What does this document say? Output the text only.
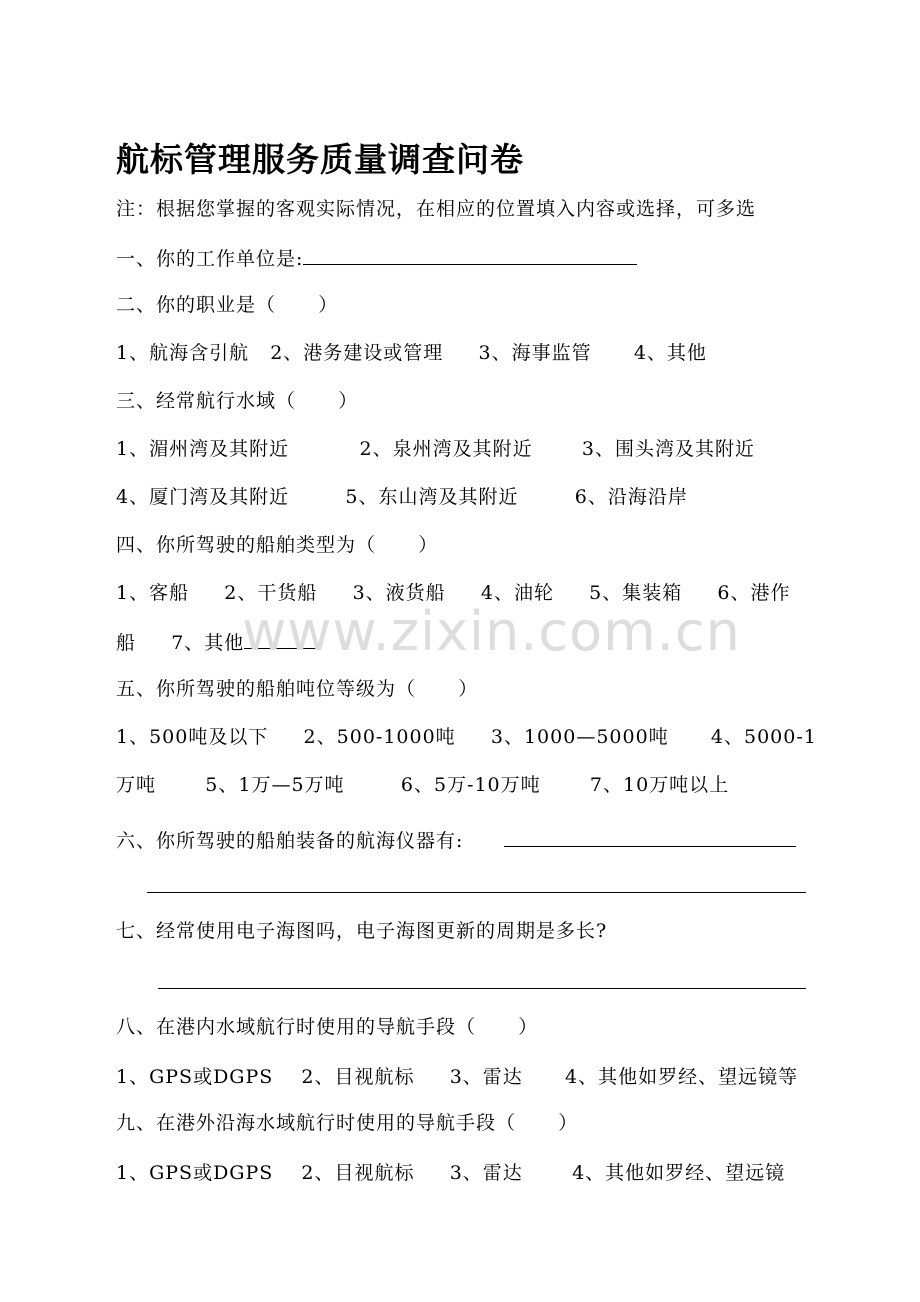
航标管理服务质量调查问卷
注：根据您掌握的客观实际情况，在相应的位置填入内容或选择，可多选
一、你的工作单位是:
二、你的职业是（      ）
1、航海含引航   2、港务建设或管理     3、海事监管      4、其他
三、经常航行水域（      ）
1、湄州湾及其附近          2、泉州湾及其附近       3、围头湾及其附近
4、厦门湾及其附近        5、东山湾及其附近        6、沿海沿岸
四、你所驾驶的船舶类型为（      ）
1、客船     2、干货船     3、液货船     4、油轮     5、集装箱     6、港作
船     7、其他
五、你所驾驶的船舶吨位等级为（      ）
1、500吨及以下     2、500-1000吨     3、1000—5000吨      4、5000-1
万吨       5、1万—5万吨        6、5万-10万吨       7、10万吨以上
六、你所驾驶的船舶装备的航海仪器有:
七、经常使用电子海图吗，电子海图更新的周期是多长?
八、在港内水域航行时使用的导航手段（      ）
1、GPS或DGPS    2、目视航标     3、雷达      4、其他如罗经、望远镜等
九、在港外沿海水域航行时使用的导航手段（      ）
1、GPS或DGPS    2、目视航标     3、雷达       4、其他如罗经、望远镜
www.zixin.com.cn
